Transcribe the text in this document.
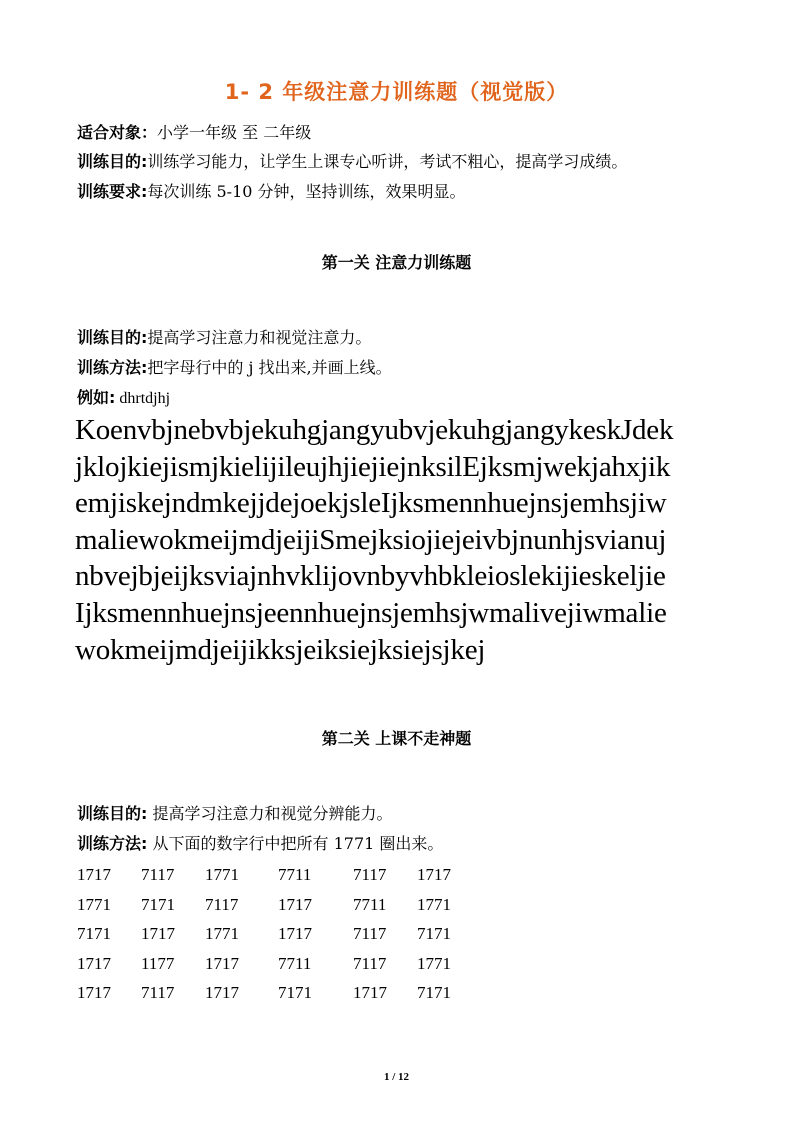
1- 2 年级注意力训练题（视觉版）
适合对象：小学一年级 至 二年级
训练目的:训练学习能力，让学生上课专心听讲，考试不粗心，提高学习成绩。
训练要求:每次训练 5-10 分钟，坚持训练，效果明显。
第一关 注意力训练题
训练目的:提高学习注意力和视觉注意力。
训练方法:把字母行中的 j 找出来,并画上线。
例如: dhrtdjhj
KoenvbjnebvbjekuhgjangyubvjekuhgjangykeskJdek
jklojkiejismjkielijileujhjiejiejnksilEjksmjwekjahxjik
emjiskejndmkejjdejoekjsleIjksmennhuejnsjemhsjiw
maliewokmeijmdjeijiSmejksiojiejeivbjnunhjsvianuj
nbvejbjeijksviajnhvklijovnbyvhbkleioslekijieskeljie
Ijksmennhuejnsjeennhuejnsjemhsjwmalivejiwmalie
wokmeijmdjeijikksjeiksiejksiejsjkej
第二关 上课不走神题
训练目的: 提高学习注意力和视觉分辨能力。
训练方法: 从下面的数字行中把所有 1771 圈出来。
1717 7117 1771 7711 7117 1717
1771 7171 7117 1717 7711 1771
7171 1717 1771 1717 7117 7171
1717 1177 1717 7711 7117 1771
1717 7117 1717 7171 1717 7171
1 / 12
